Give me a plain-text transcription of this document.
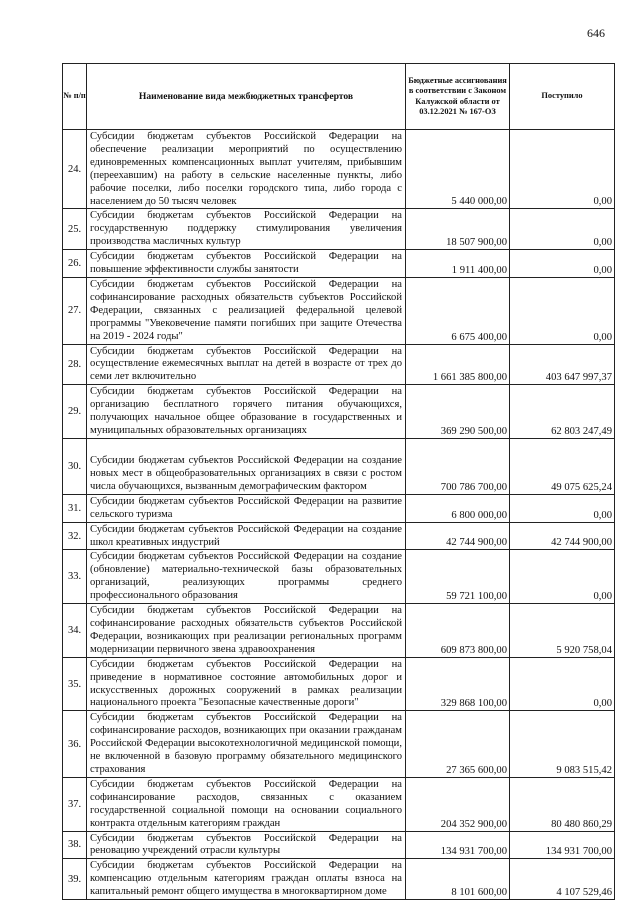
646
№ п/п	Наименование вида межбюджетных трансфертов	Бюджетные ассигнования в соответствии с Законом Калужской области от 03.12.2021 № 167-ОЗ	Поступило
24.	Субсидии бюджетам субъектов Российской Федерации на обеспечение реализации мероприятий по осуществлению единовременных компенсационных выплат учителям, прибывшим (переехавшим) на работу в сельские населенные пункты, либо рабочие поселки, либо поселки городского типа, либо города с населением до 50 тысяч человек	5 440 000,00	0,00
25.	Субсидии бюджетам субъектов Российской Федерации на государственную поддержку стимулирования увеличения производства масличных культур	18 507 900,00	0,00
26.	Субсидии бюджетам субъектов Российской Федерации на повышение эффективности службы занятости	1 911 400,00	0,00
27.	Субсидии бюджетам субъектов Российской Федерации на софинансирование расходных обязательств субъектов Российской Федерации, связанных с реализацией федеральной целевой программы "Увековечение памяти погибших при защите Отечества на 2019 - 2024 годы"	6 675 400,00	0,00
28.	Субсидии бюджетам субъектов Российской Федерации на осуществление ежемесячных выплат на детей в возрасте от трех до семи лет включительно	1 661 385 800,00	403 647 997,37
29.	Субсидии бюджетам субъектов Российской Федерации на организацию бесплатного горячего питания обучающихся, получающих начальное общее образование в государственных и муниципальных образовательных организациях	369 290 500,00	62 803 247,49
30.	Субсидии бюджетам субъектов Российской Федерации на создание новых мест в общеобразовательных организациях в связи с ростом числа обучающихся, вызванным демографическим фактором	700 786 700,00	49 075 625,24
31.	Субсидии бюджетам субъектов Российской Федерации на развитие сельского туризма	6 800 000,00	0,00
32.	Субсидии бюджетам субъектов Российской Федерации на создание школ креативных индустрий	42 744 900,00	42 744 900,00
33.	Субсидии бюджетам субъектов Российской Федерации на создание (обновление) материально-технической базы образовательных организаций, реализующих программы среднего профессионального образования	59 721 100,00	0,00
34.	Субсидии бюджетам субъектов Российской Федерации на софинансирование расходных обязательств субъектов Российской Федерации, возникающих при реализации региональных программ модернизации первичного звена здравоохранения	609 873 800,00	5 920 758,04
35.	Субсидии бюджетам субъектов Российской Федерации на приведение в нормативное состояние автомобильных дорог и искусственных дорожных сооружений в рамках реализации национального проекта "Безопасные качественные дороги"	329 868 100,00	0,00
36.	Субсидии бюджетам субъектов Российской Федерации на софинансирование расходов, возникающих при оказании гражданам Российской Федерации высокотехнологичной медицинской помощи, не включенной в базовую программу обязательного медицинского страхования	27 365 600,00	9 083 515,42
37.	Субсидии бюджетам субъектов Российской Федерации на софинансирование расходов, связанных с оказанием государственной социальной помощи на основании социального контракта отдельным категориям граждан	204 352 900,00	80 480 860,29
38.	Субсидии бюджетам субъектов Российской Федерации на реновацию учреждений отрасли культуры	134 931 700,00	134 931 700,00
39.	Субсидии бюджетам субъектов Российской Федерации на компенсацию отдельным категориям граждан оплаты взноса на капитальный ремонт общего имущества в многоквартирном доме	8 101 600,00	4 107 529,46
